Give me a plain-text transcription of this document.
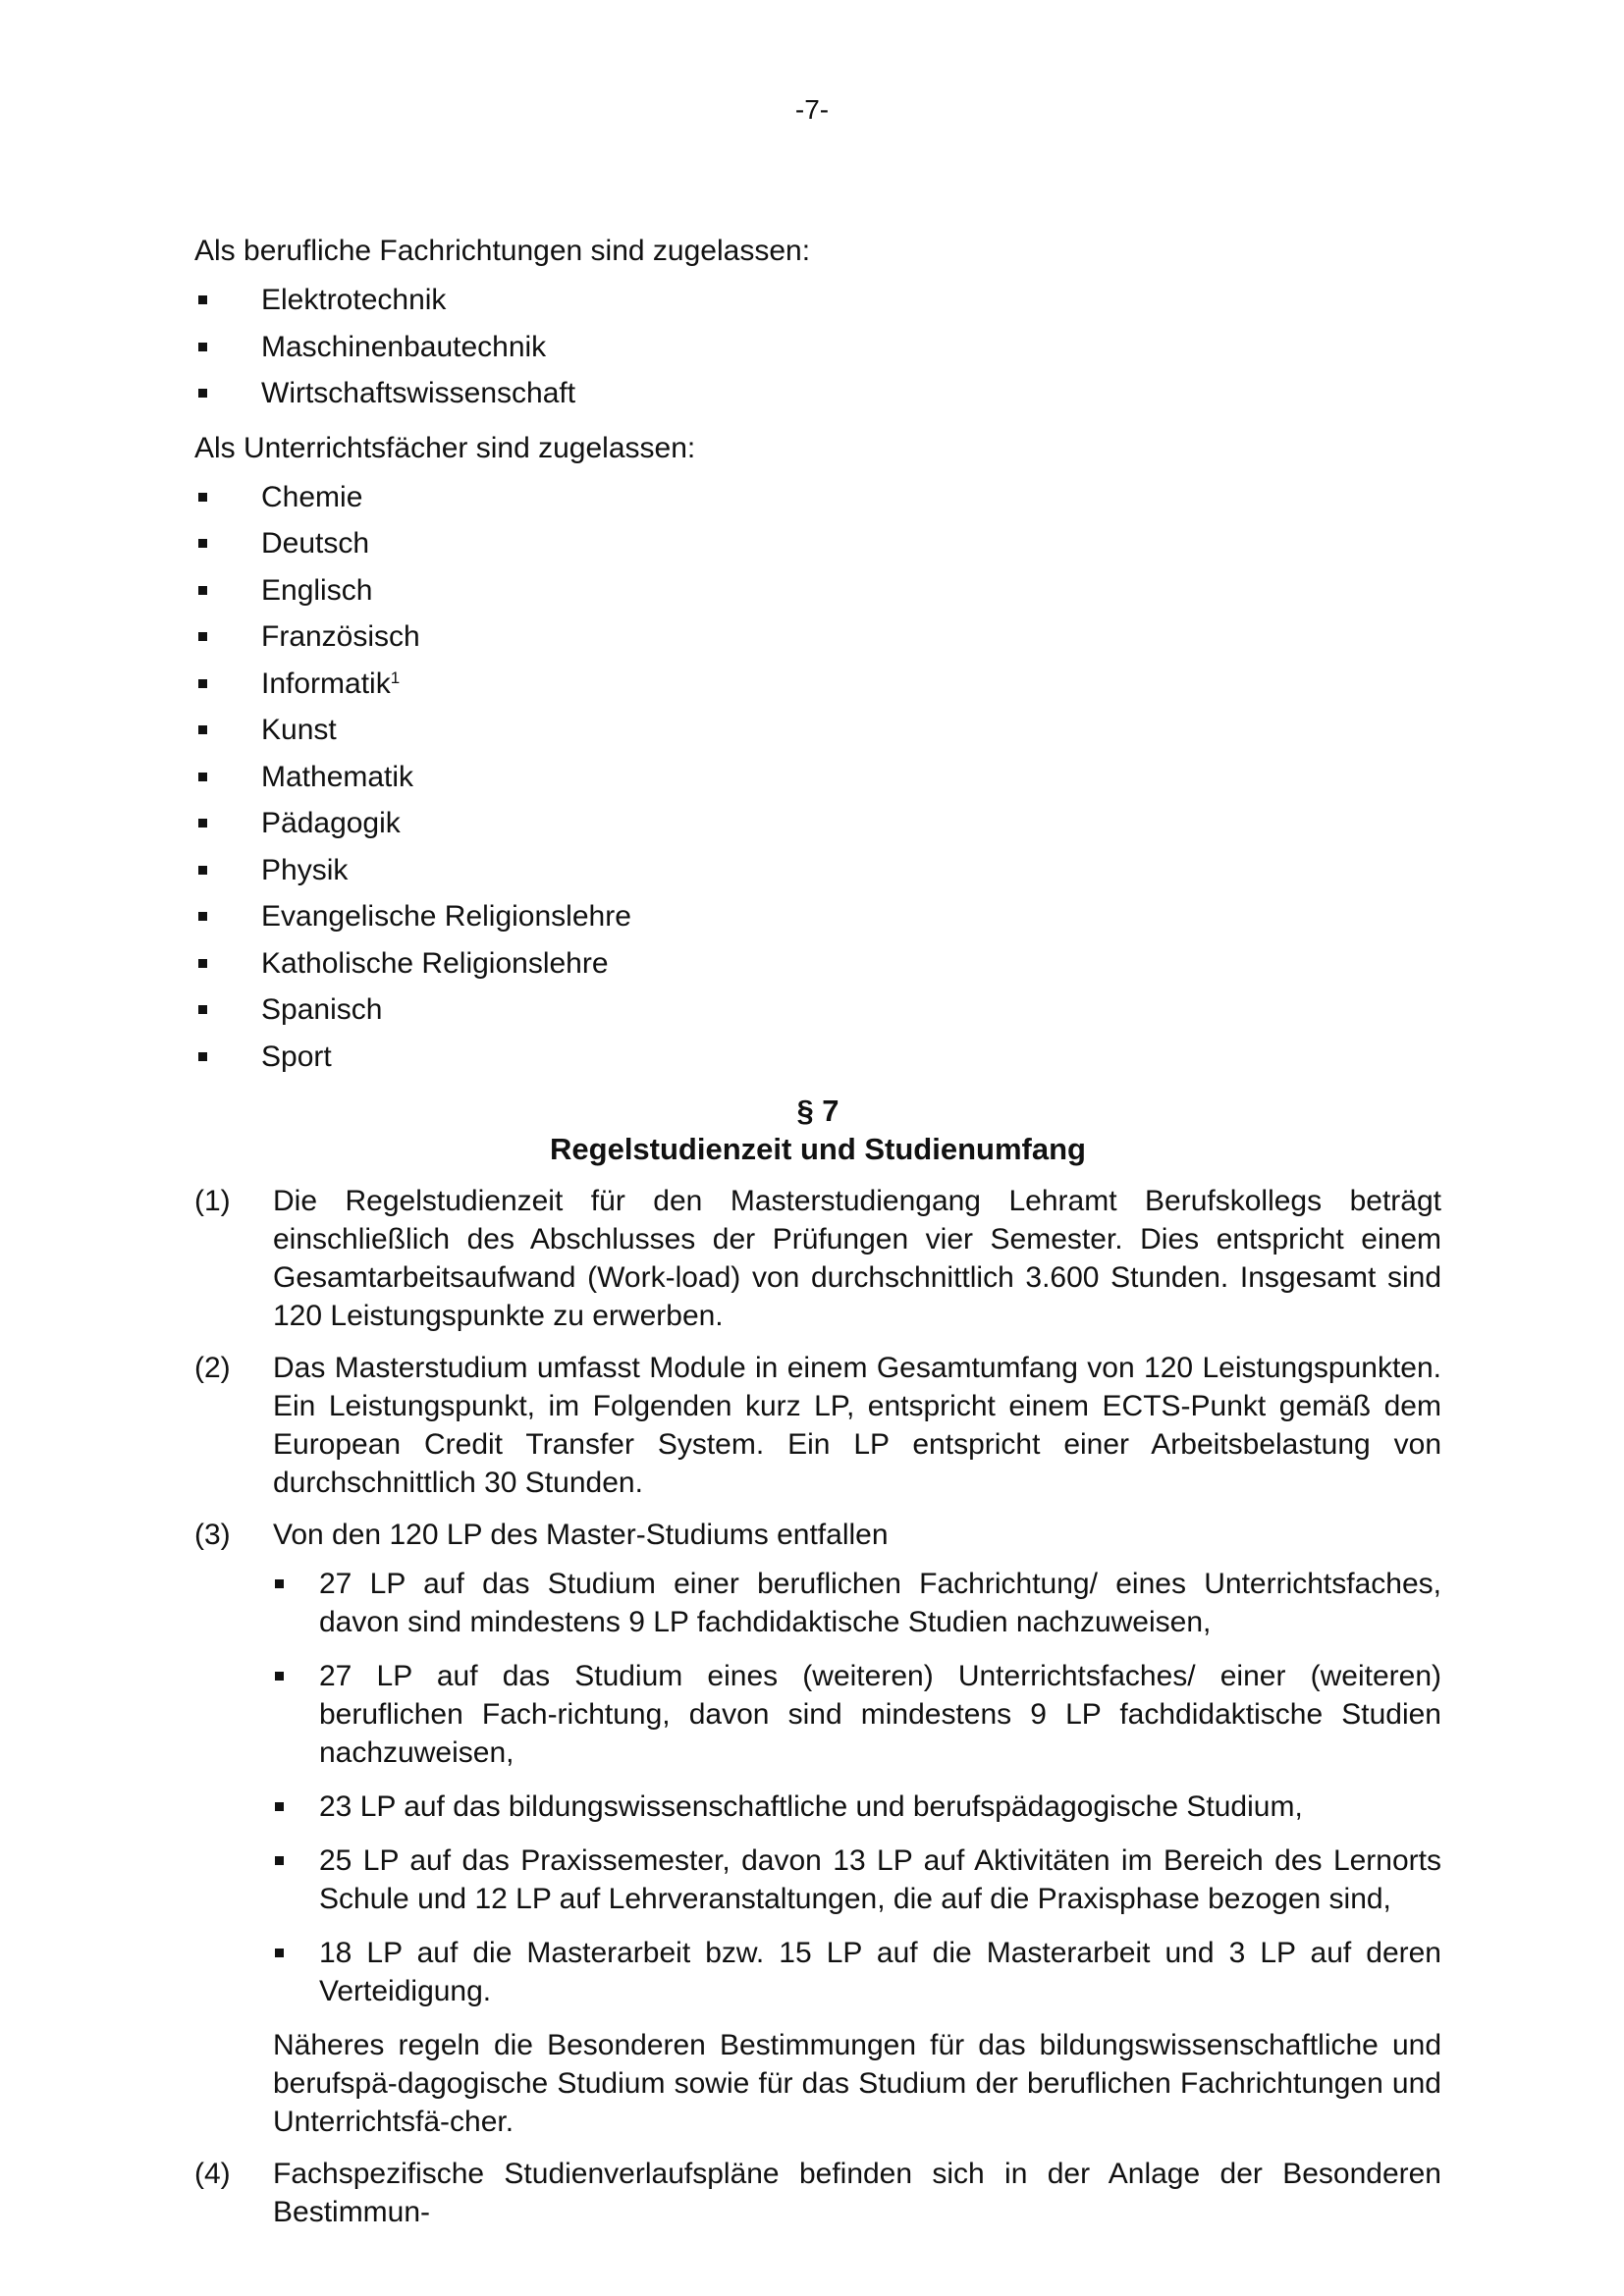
-7-

Als berufliche Fachrichtungen sind zugelassen:

Elektrotechnik
Maschinenbautechnik
Wirtschaftswissenschaft

Als Unterrichtsfächer sind zugelassen:

Chemie
Deutsch
Englisch
Französisch
Informatik$^1$
Kunst
Mathematik
Pädagogik
Physik
Evangelische Religionslehre
Katholische Religionslehre
Spanisch
Sport
§ 7
Regelstudienzeit und Studienumfang
(1)	Die Regelstudienzeit für den Masterstudiengang Lehramt Berufskollegs beträgt einschließlich des Abschlusses der Prüfungen vier Semester. Dies entspricht einem Gesamtarbeitsaufwand (Work-load) von durchschnittlich 3.600 Stunden. Insgesamt sind 120 Leistungspunkte zu erwerben.

(2)	Das Masterstudium umfasst Module in einem Gesamtumfang von 120 Leistungspunkten. Ein Leistungspunkt, im Folgenden kurz LP, entspricht einem ECTS-Punkt gemäß dem European Credit Transfer System. Ein LP entspricht einer Arbeitsbelastung von durchschnittlich 30 Stunden.

(3)	Von den 120 LP des Master-Studiums entfallen

27 LP auf das Studium einer beruflichen Fachrichtung/ eines Unterrichtsfaches, davon sind mindestens 9 LP fachdidaktische Studien nachzuweisen,
27 LP auf das Studium eines (weiteren) Unterrichtsfaches/ einer (weiteren) beruflichen Fach-richtung, davon sind mindestens 9 LP fachdidaktische Studien nachzuweisen,
23 LP auf das bildungswissenschaftliche und berufspädagogische Studium,
25 LP auf das Praxissemester, davon 13 LP auf Aktivitäten im Bereich des Lernorts Schule und 12 LP auf Lehrveranstaltungen, die auf die Praxisphase bezogen sind,
18 LP auf die Masterarbeit bzw. 15 LP auf die Masterarbeit und 3 LP auf deren Verteidigung.

Näheres regeln die Besonderen Bestimmungen für das bildungswissenschaftliche und berufspä-dagogische Studium sowie für das Studium der beruflichen Fachrichtungen und Unterrichtsfä-cher.

(4)	Fachspezifische Studienverlaufspläne befinden sich in der Anlage der Besonderen Bestimmun-
